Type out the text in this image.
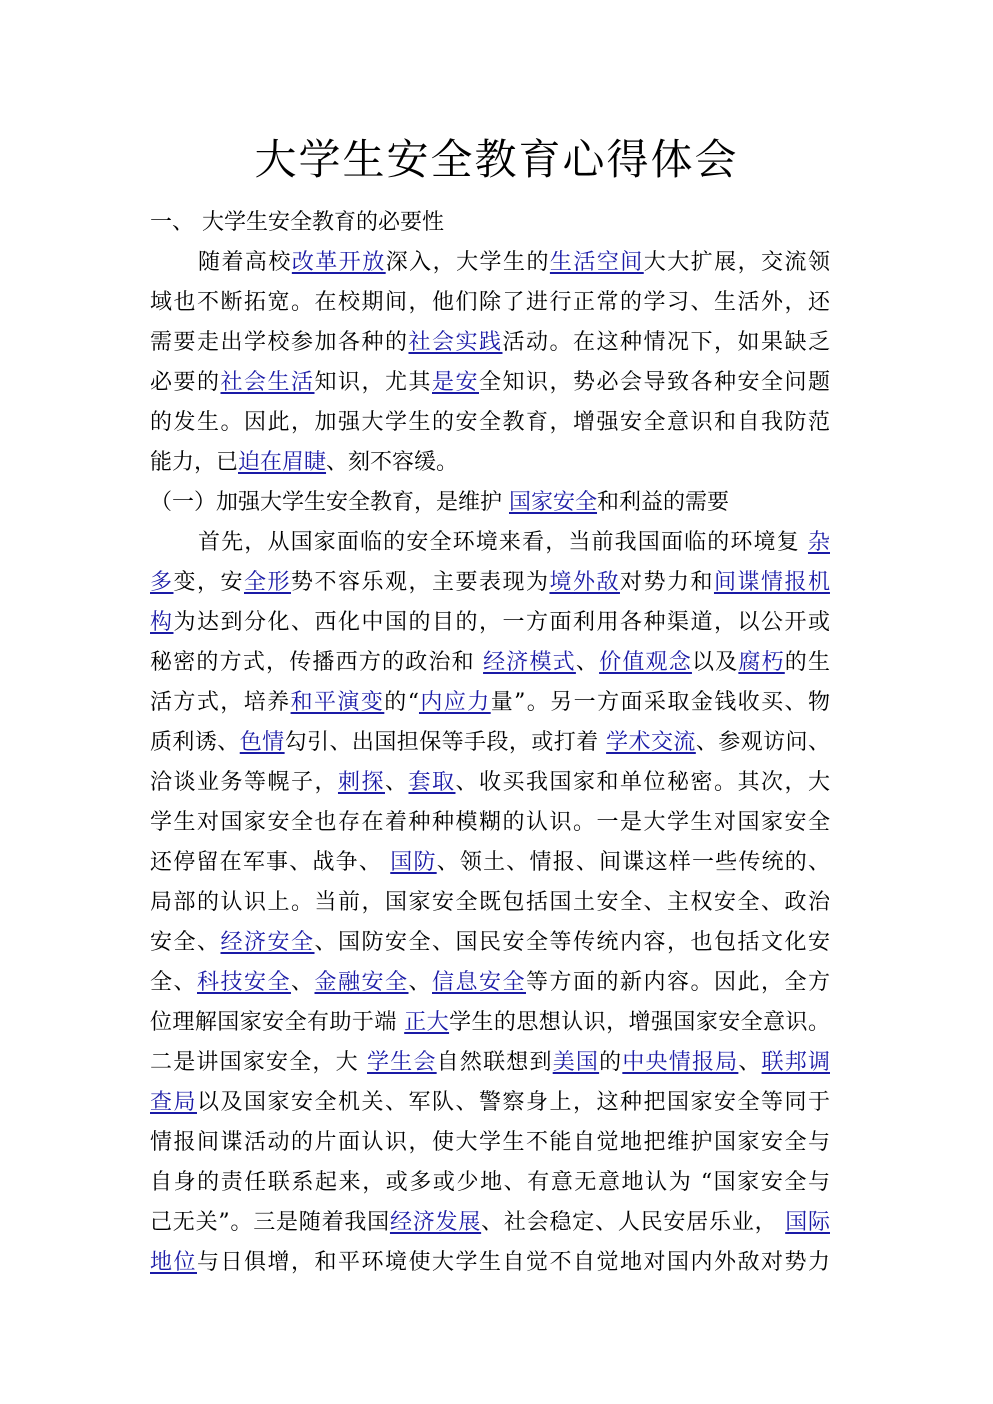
大学生安全教育心得体会
一、 大学生安全教育的必要性
随着高校改革开放深入，大学生的生活空间大大扩展，交流领
域也不断拓宽。在校期间，他们除了进行正常的学习、生活外，还
需要走出学校参加各种的社会实践活动。在这种情况下，如果缺乏
必要的社会生活知识，尤其是安全知识，势必会导致各种安全问题
的发生。因此，加强大学生的安全教育，增强安全意识和自我防范
能力，已迫在眉睫、刻不容缓。
（一）加强大学生安全教育，是维护 国家安全和利益的需要
首先，从国家面临的安全环境来看，当前我国面临的环境复 杂
多变，安全形势不容乐观，主要表现为境外敌对势力和间谍情报机
构为达到分化、西化中国的目的，一方面利用各种渠道，以公开或
秘密的方式，传播西方的政治和 经济模式、价值观念以及腐朽的生
活方式，培养和平演变的“内应力量”。另一方面采取金钱收买、物
质利诱、色情勾引、出国担保等手段，或打着 学术交流、参观访问、
洽谈业务等幌子，刺探、套取、收买我国家和单位秘密。其次，大
学生对国家安全也存在着种种模糊的认识。一是大学生对国家安全
还停留在军事、战争、 国防、领土、情报、间谍这样一些传统的、
局部的认识上。当前，国家安全既包括国土安全、主权安全、政治
安全、经济安全、国防安全、国民安全等传统内容，也包括文化安
全、科技安全、金融安全、信息安全等方面的新内容。因此，全方
位理解国家安全有助于端 正大学生的思想认识，增强国家安全意识。
二是讲国家安全，大 学生会自然联想到美国的中央情报局、联邦调
查局以及国家安全机关、军队、警察身上，这种把国家安全等同于
情报间谍活动的片面认识，使大学生不能自觉地把维护国家安全与
自身的责任联系起来，或多或少地、有意无意地认为 “国家安全与
己无关”。三是随着我国经济发展、社会稳定、人民安居乐业， 国际
地位与日俱增，和平环境使大学生自觉不自觉地对国内外敌对势力
